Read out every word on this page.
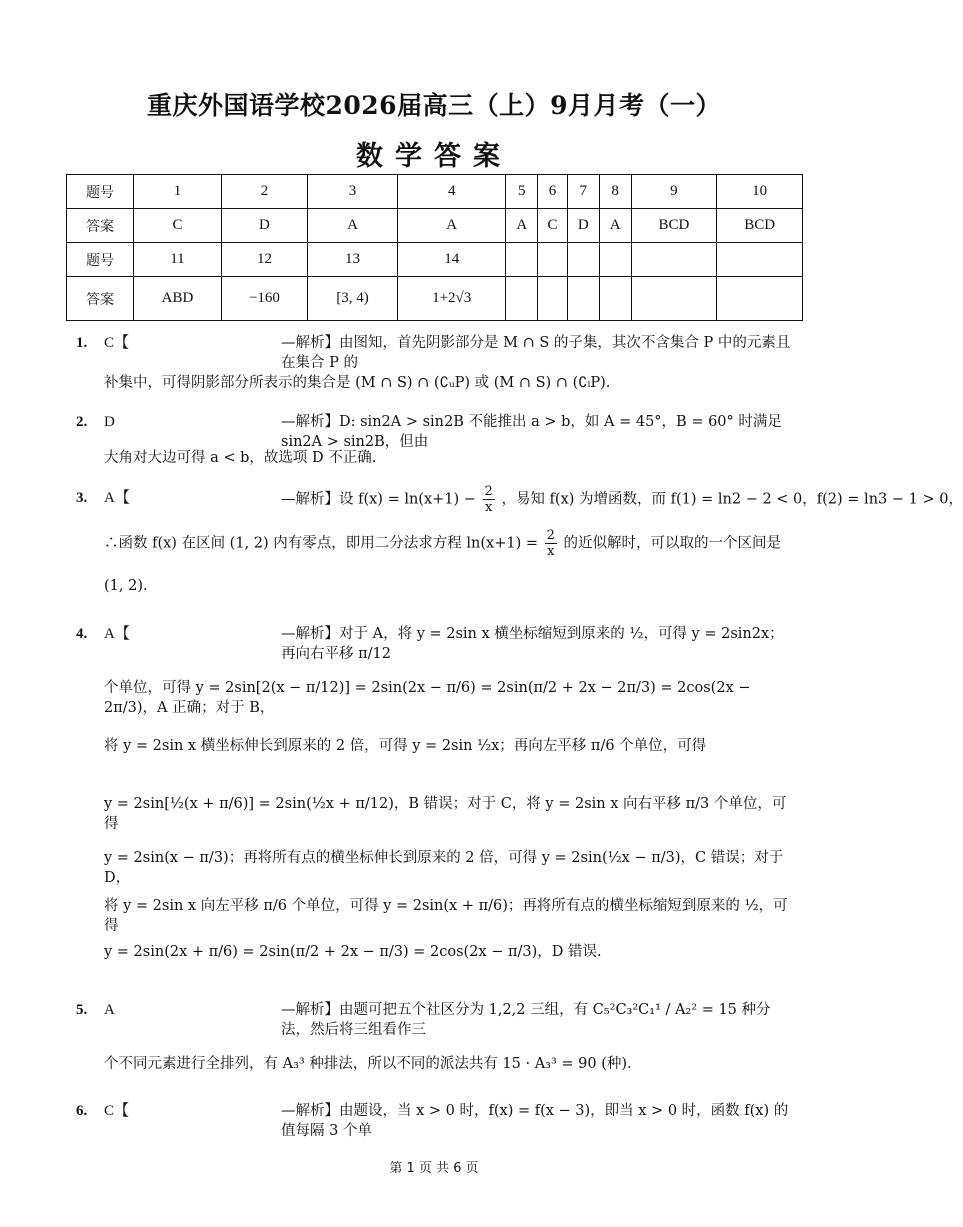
重庆外国语学校2026届高三（上）9月月考（一）
数学答案
题号	1	2	3	4	5	6	7	8	9	10
答案	C	D	A	A	A	C	D	A	BCD	BCD
题号	11	12	13	14						
答案	ABD	−160	[3, 4)	1+2√3						
1. C【	—解析】由图知，首先阴影部分是 M ∩ S 的子集，其次不含集合 P 中的元素且在集合 P 的
补集中，可得阴影部分所表示的集合是 (M ∩ S) ∩ (∁ᵤP) 或 (M ∩ S) ∩ (∁ᵢP).
2. D	—解析】D: sin2A > sin2B 不能推出 a > b，如 A = 45°，B = 60° 时满足 sin2A > sin2B，但由
大角对大边可得 a < b，故选项 D 不正确.
3. A【	—解析】设 $f(x) = \ln(x+1) - \frac{2}{x}$ ，易知 f(x) 为增函数，而 f(1) = ln2 − 2 < 0，f(2) = ln3 − 1 > 0，
∴函数 f(x) 在区间 (1, 2) 内有零点，即用二分法求方程 $\ln(x+1) = \frac{2}{x}$ 的近似解时，可以取的一个区间是
(1, 2).
4. A【	—解析】对于 A，将 y = 2sin x 横坐标缩短到原来的 ½，可得 y = 2sin2x；再向右平移 π/12
个单位，可得 y = 2sin[2(x − π/12)] = 2sin(2x − π/6) = 2sin(π/2 + 2x − 2π/3) = 2cos(2x − 2π/3)，A 正确；对于 B，
将 y = 2sin x 横坐标伸长到原来的 2 倍，可得 y = 2sin ½x；再向左平移 π/6 个单位，可得
y = 2sin[½(x + π/6)] = 2sin(½x + π/12)，B 错误；对于 C，将 y = 2sin x 向右平移 π/3 个单位，可得
y = 2sin(x − π/3)；再将所有点的横坐标伸长到原来的 2 倍，可得 y = 2sin(½x − π/3)，C 错误；对于 D，
将 y = 2sin x 向左平移 π/6 个单位，可得 y = 2sin(x + π/6)；再将所有点的横坐标缩短到原来的 ½，可得
y = 2sin(2x + π/6) = 2sin(π/2 + 2x − π/3) = 2cos(2x − π/3)，D 错误.
5. A	—解析】由题可把五个社区分为 1,2,2 三组，有 C₅²C₃²C₁¹ / A₂² = 15 种分法，然后将三组看作三
个不同元素进行全排列，有 A₃³ 种排法，所以不同的派法共有 15 · A₃³ = 90 (种).
6. C【	—解析】由题设，当 x > 0 时，f(x) = f(x − 3)，即当 x > 0 时，函数 f(x) 的值每隔 3 个单
第 1 页 共 6 页
